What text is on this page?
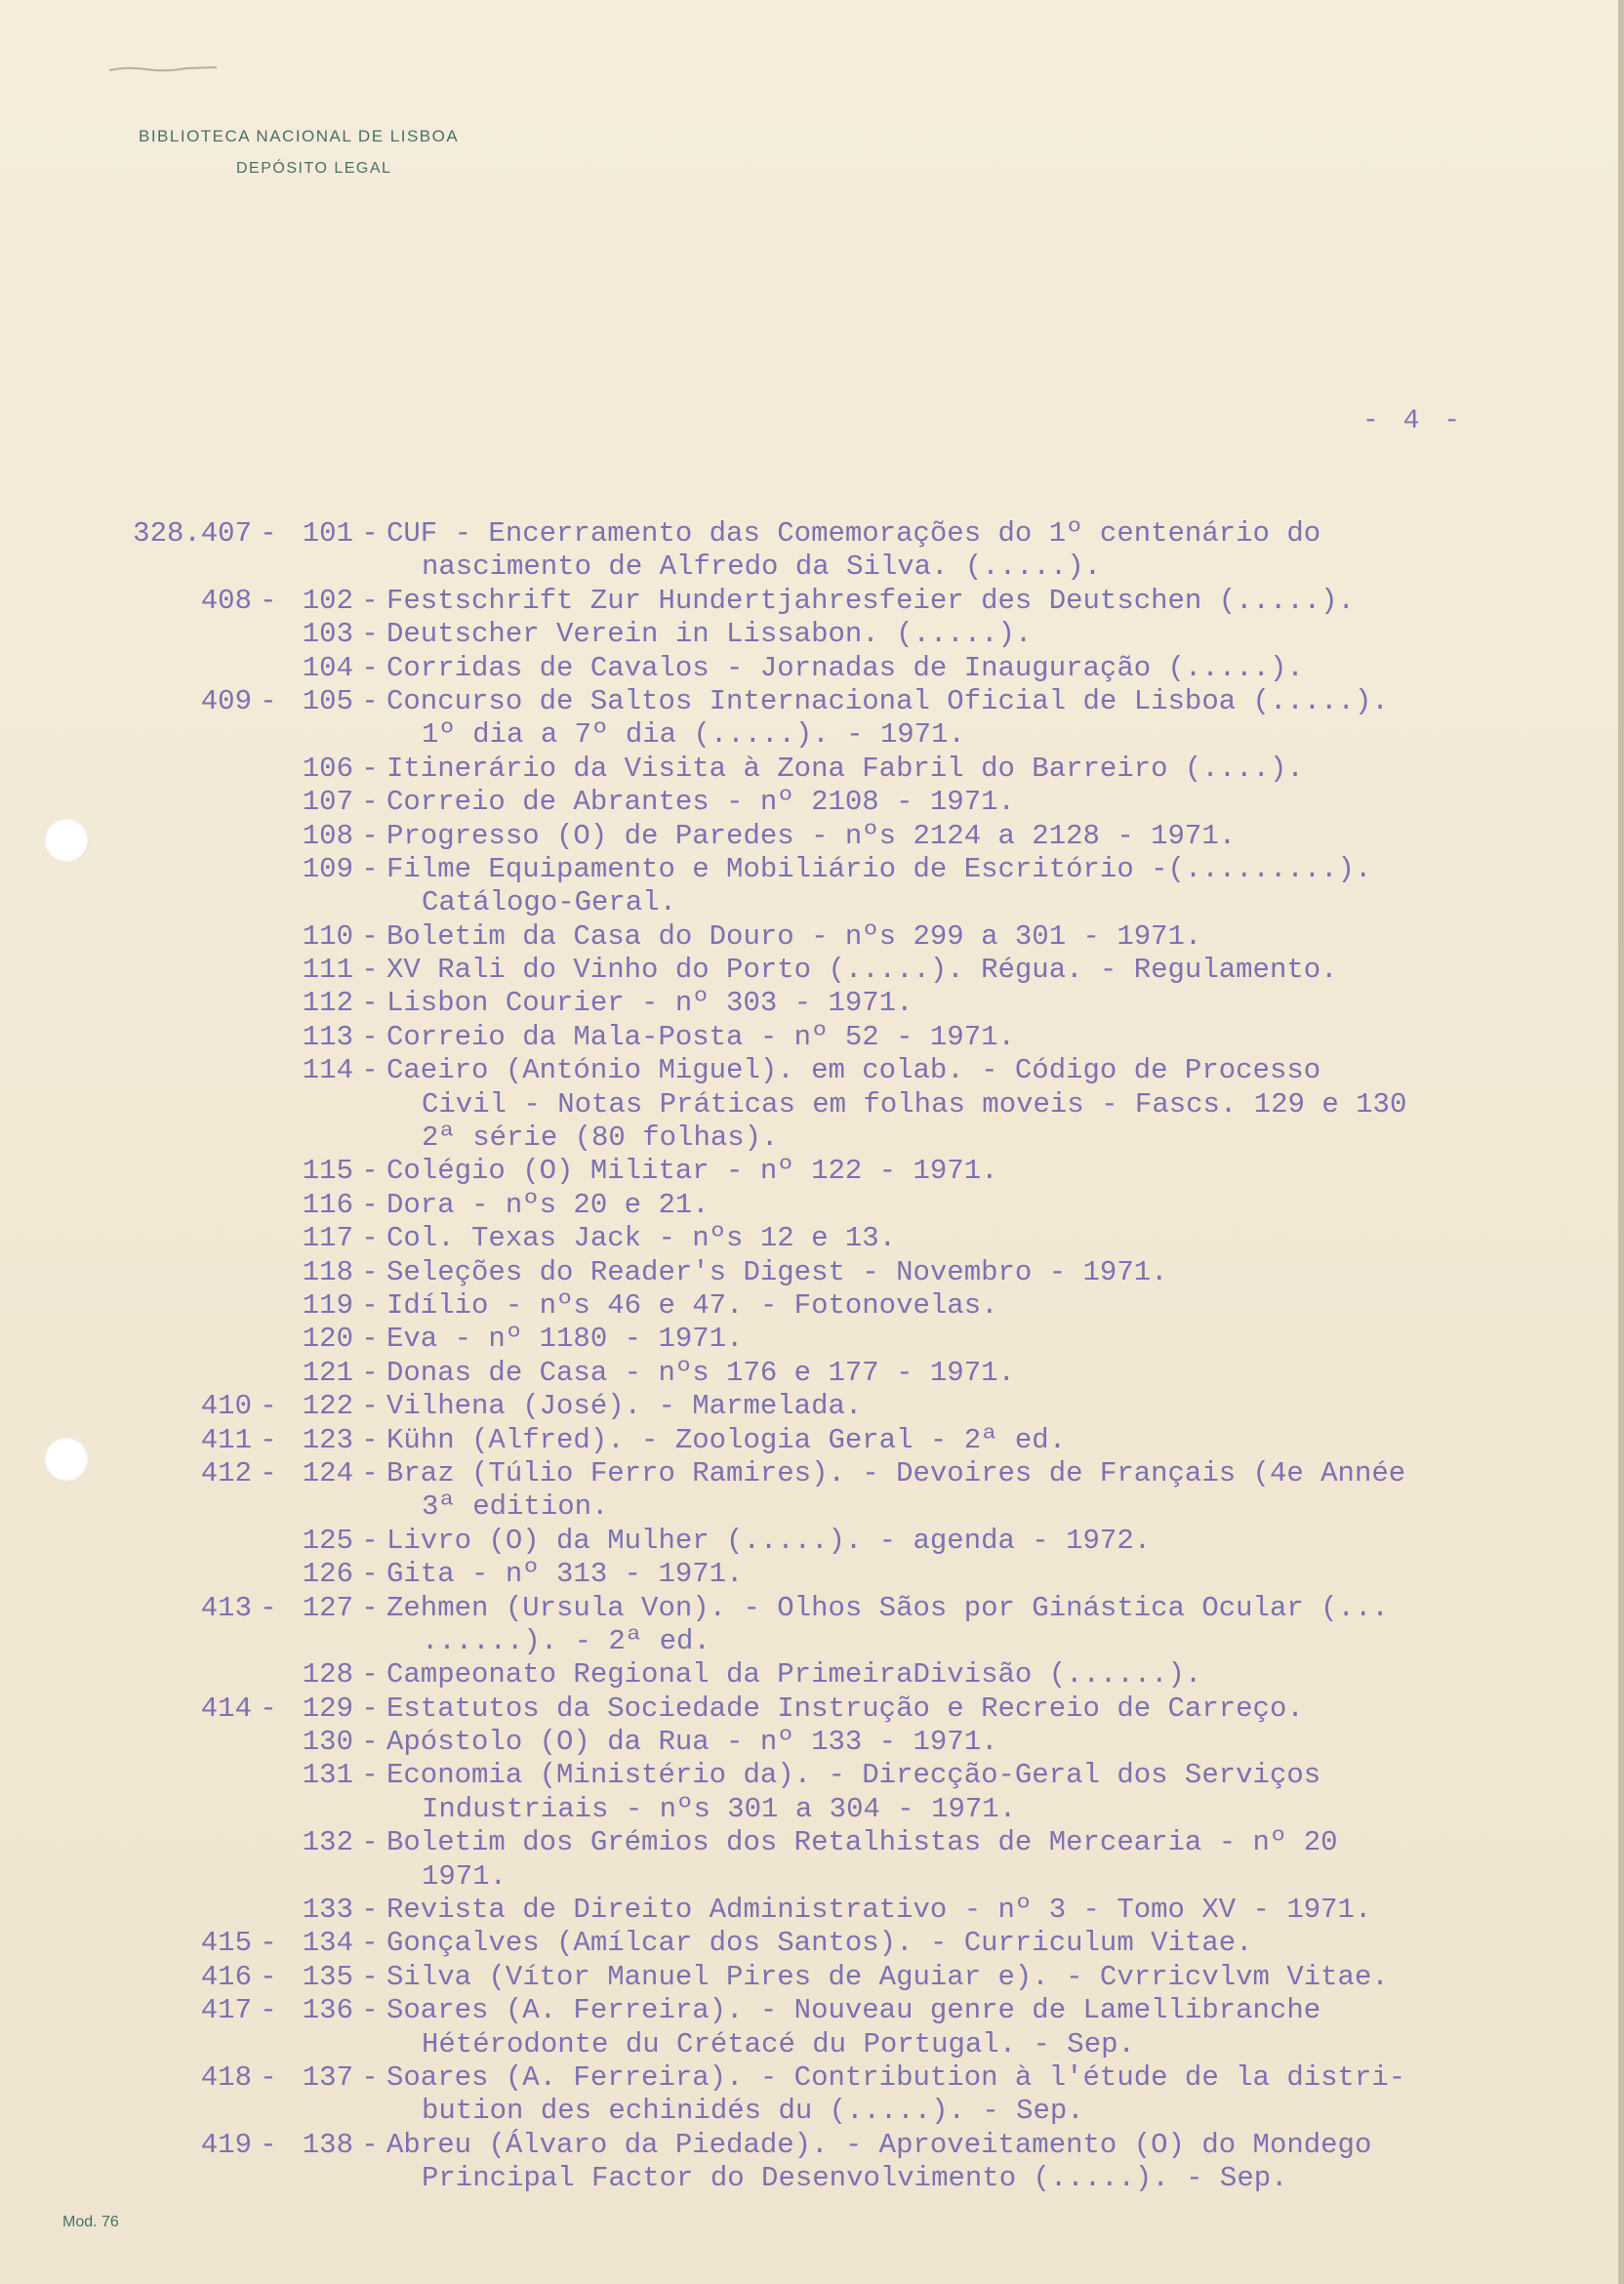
BIBLIOTECA NACIONAL DE LISBOA
DEPÓSITO LEGAL
- 4 -
328.407 - 101 - CUF - Encerramento das Comemorações do 1º centenário do
nascimento de Alfredo da Silva. (.....).
408 - 102 - Festschrift Zur Hundertjahresfeier des Deutschen (.....).
103 - Deutscher Verein in Lissabon. (.....).
104 - Corridas de Cavalos - Jornadas de Inauguração (.....).
409 - 105 - Concurso de Saltos Internacional Oficial de Lisboa (.....).
1º dia a 7º dia (.....). - 1971.
106 - Itinerário da Visita à Zona Fabril do Barreiro (....).
107 - Correio de Abrantes - nº 2108 - 1971.
108 - Progresso (O) de Paredes - nºs 2124 a 2128 - 1971.
109 - Filme Equipamento e Mobiliário de Escritório -(.........).
Catálogo-Geral.
110 - Boletim da Casa do Douro - nºs 299 a 301 - 1971.
111 - XV Rali do Vinho do Porto (.....). Régua. - Regulamento.
112 - Lisbon Courier - nº 303 - 1971.
113 - Correio da Mala-Posta - nº 52 - 1971.
114 - Caeiro (António Miguel). em colab. - Código de Processo
Civil - Notas Práticas em folhas moveis - Fascs. 129 e 130
2ª série (80 folhas).
115 - Colégio (O) Militar - nº 122 - 1971.
116 - Dora - nºs 20 e 21.
117 - Col. Texas Jack - nºs 12 e 13.
118 - Seleções do Reader's Digest - Novembro - 1971.
119 - Idílio - nºs 46 e 47. - Fotonovelas.
120 - Eva - nº 1180 - 1971.
121 - Donas de Casa - nºs 176 e 177 - 1971.
410 - 122 - Vilhena (José). - Marmelada.
411 - 123 - Kühn (Alfred). - Zoologia Geral - 2ª ed.
412 - 124 - Braz (Túlio Ferro Ramires). - Devoires de Français (4e Année
3ª edition.
125 - Livro (O) da Mulher (.....). - agenda - 1972.
126 - Gita - nº 313 - 1971.
413 - 127 - Zehmen (Ursula Von). - Olhos Sãos por Ginástica Ocular (...
......). - 2ª ed.
128 - Campeonato Regional da PrimeiraDivisão (......).
414 - 129 - Estatutos da Sociedade Instrução e Recreio de Carreço.
130 - Apóstolo (O) da Rua - nº 133 - 1971.
131 - Economia (Ministério da). - Direcção-Geral dos Serviços
Industriais - nºs 301 a 304 - 1971.
132 - Boletim dos Grémios dos Retalhistas de Mercearia - nº 20
1971.
133 - Revista de Direito Administrativo - nº 3 - Tomo XV - 1971.
415 - 134 - Gonçalves (Amílcar dos Santos). - Curriculum Vitae.
416 - 135 - Silva (Vítor Manuel Pires de Aguiar e). - Cvrricvlvm Vitae.
417 - 136 - Soares (A. Ferreira). - Nouveau genre de Lamellibranche
Hétérodonte du Crétacé du Portugal. - Sep.
418 - 137 - Soares (A. Ferreira). - Contribution à l'étude de la distri-
bution des echinidés du (.....). - Sep.
419 - 138 - Abreu (Álvaro da Piedade). - Aproveitamento (O) do Mondego
Principal Factor do Desenvolvimento (.....). - Sep.
Mod. 76
